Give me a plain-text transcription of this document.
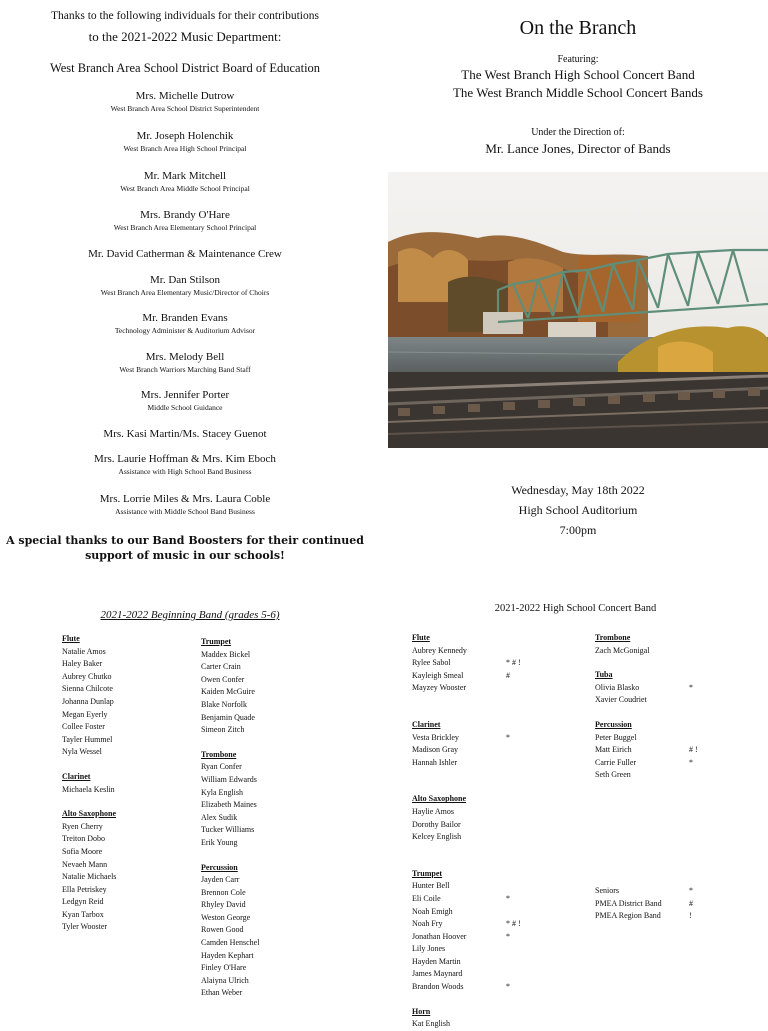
Thanks to the following individuals for their contributions
to the 2021-2022 Music Department:
West Branch Area School District Board of Education
Mrs. Michelle Dutrow
West Branch Area School District Superintendent
Mr. Joseph Holenchik
West Branch Area High School Principal
Mr. Mark Mitchell
West Branch Area Middle School Principal
Mrs. Brandy O'Hare
West Branch Area Elementary School Principal
Mr. David Catherman & Maintenance Crew
Mr. Dan Stilson
West Branch Area Elementary Music/Director of Choirs
Mr. Branden Evans
Technology Administer & Auditorium Advisor
Mrs. Melody Bell
West Branch Warriors Marching Band Staff
Mrs. Jennifer Porter
Middle School Guidance
Mrs. Kasi Martin/Ms. Stacey Guenot
Mrs. Laurie Hoffman & Mrs. Kim Eboch
Assistance with High School Band Business
Mrs. Lorrie Miles & Mrs. Laura Coble
Assistance with Middle School Band Business
A special thanks to our Band Boosters for their continued
support of music in our schools!
On the Branch
Featuring:
The West Branch High School Concert Band
The West Branch Middle School Concert Bands
Under the Direction of:
Mr. Lance Jones, Director of Bands
Wednesday, May 18th 2022
High School Auditorium
7:00pm
2021-2022 Beginning Band (grades 5-6)
Flute
Natalie Amos
Haley Baker
Aubrey Chutko
Sienna Chilcote
Johanna Dunlap
Megan Eyerly
Collee Foster
Tayler Hummel
Nyla Wessel
Clarinet
Michaela Keslin
Alto Saxophone
Ryen Cherry
Treiton Dobo
Sofia Moore
Nevaeh Mann
Natalie Michaels
Ella Petriskey
Ledgyn Reid
Kyan Tarbox
Tyler Wooster
Trumpet
Maddex Bickel
Carter Crain
Owen Confer
Kaiden McGuire
Blake Norfolk
Benjamin Quade
Simeon Zitch
Trombone
Ryan Confer
William Edwards
Kyla English
Elizabeth Maines
Alex Sudik
Tucker Williams
Erik Young
Percussion
Jayden Carr
Brennon Cole
Rhyley David
Weston George
Rowen Good
Camden Henschel
Hayden Kephart
Finley O'Hare
Alaiyna Ulrich
Ethan Weber
2021-2022 High School Concert Band
Flute
Aubrey Kennedy
Rylee Sabol	* # !
Kayleigh Smeal	#
Mayzey Wooster
Clarinet
Vesta Brickley	*
Madison Gray
Hannah Ishler
Alto Saxophone
Haylie Amos
Dorothy Bailor
Kelcey English
Trumpet
Hunter Bell
Eli Coile	*
Noah Emigh
Noah Fry	* # !
Jonathan Hoover	*
Lily Jones
Hayden Martin
James Maynard
Brandon Woods	*
Horn
Kat English
Trombone
Zach McGonigal
Tuba
Olivia Blasko	*
Xavier Coudriet
Percussion
Peter Buggel
Matt Eirich	# !
Carrie Fuller	*
Seth Green
Seniors	*
PMEA District Band	#
PMEA Region Band	!
